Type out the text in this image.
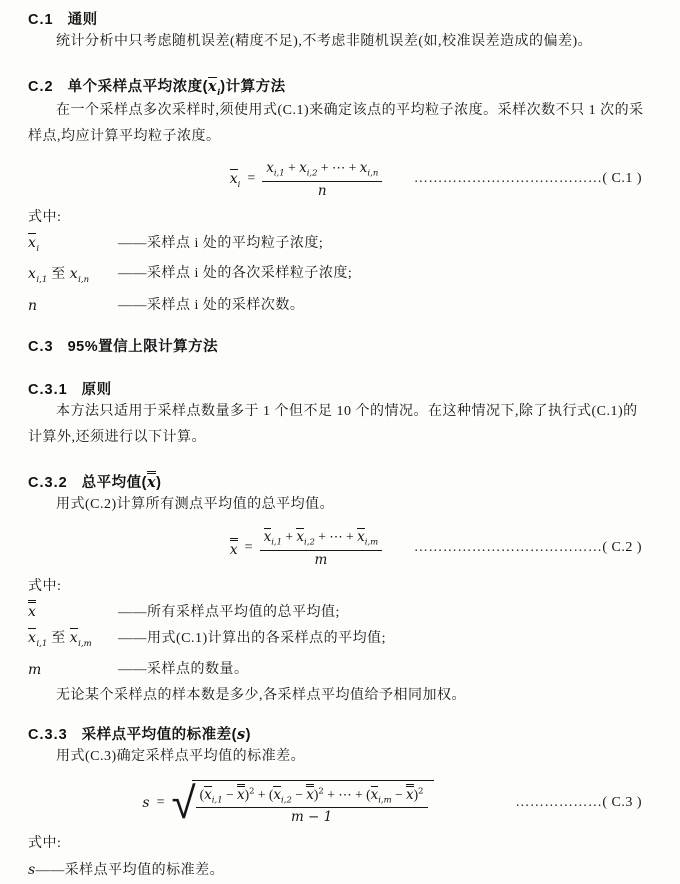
C.1 通则

统计分析中只考虑随机误差(精度不足),不考虑非随机误差(如,校准误差造成的偏差)。

C.2 单个采样点平均浓度$(x_i)$计算方法

在一个采样点多次采样时,须使用式(C.1)来确定该点的平均粒子浓度。采样次数不只 1 次的采样点,均应计算平均粒子浓度。

$x_i = \frac{x_{i,1} + x_{i,2} + \cdots + x_{i,n}}{n}$ …………………………………( C.1 )

式中:

$x_i$	——采样点 i 处的平均粒子浓度;
$x_{i,1}$ 至 $x_{i,n}$	——采样点 i 处的各次采样粒子浓度;
n	——采样点 i 处的采样次数。
C.3 95%置信上限计算方法
C.3.1 原则

本方法只适用于采样点数量多于 1 个但不足 10 个的情况。在这种情况下,除了执行式(C.1)的计算外,还须进行以下计算。

C.3.2 总平均值(x)

用式(C.2)计算所有测点平均值的总平均值。

$x = \frac{x_{i,1} + x_{i,2} + \cdots + x_{i,m}}{m}$ …………………………………( C.2 )

式中:

x	——所有采样点平均值的总平均值;
$x_{i,1}$ 至 $x_{i,m}$	——用式(C.1)计算出的各采样点的平均值;
m	——采样点的数量。

无论某个采样点的样本数是多少,各采样点平均值给予相同加权。

C.3.3 采样点平均值的标准差(s)

用式(C.3)确定采样点平均值的标准差。

s = √ $\frac{(x_{i,1} - x)^2 + (x_{i,2} - x)^2 + \cdots + (x_{i,m} - x)^2}{m - 1}$	………………( C.3 )

式中:

s——采样点平均值的标准差。
